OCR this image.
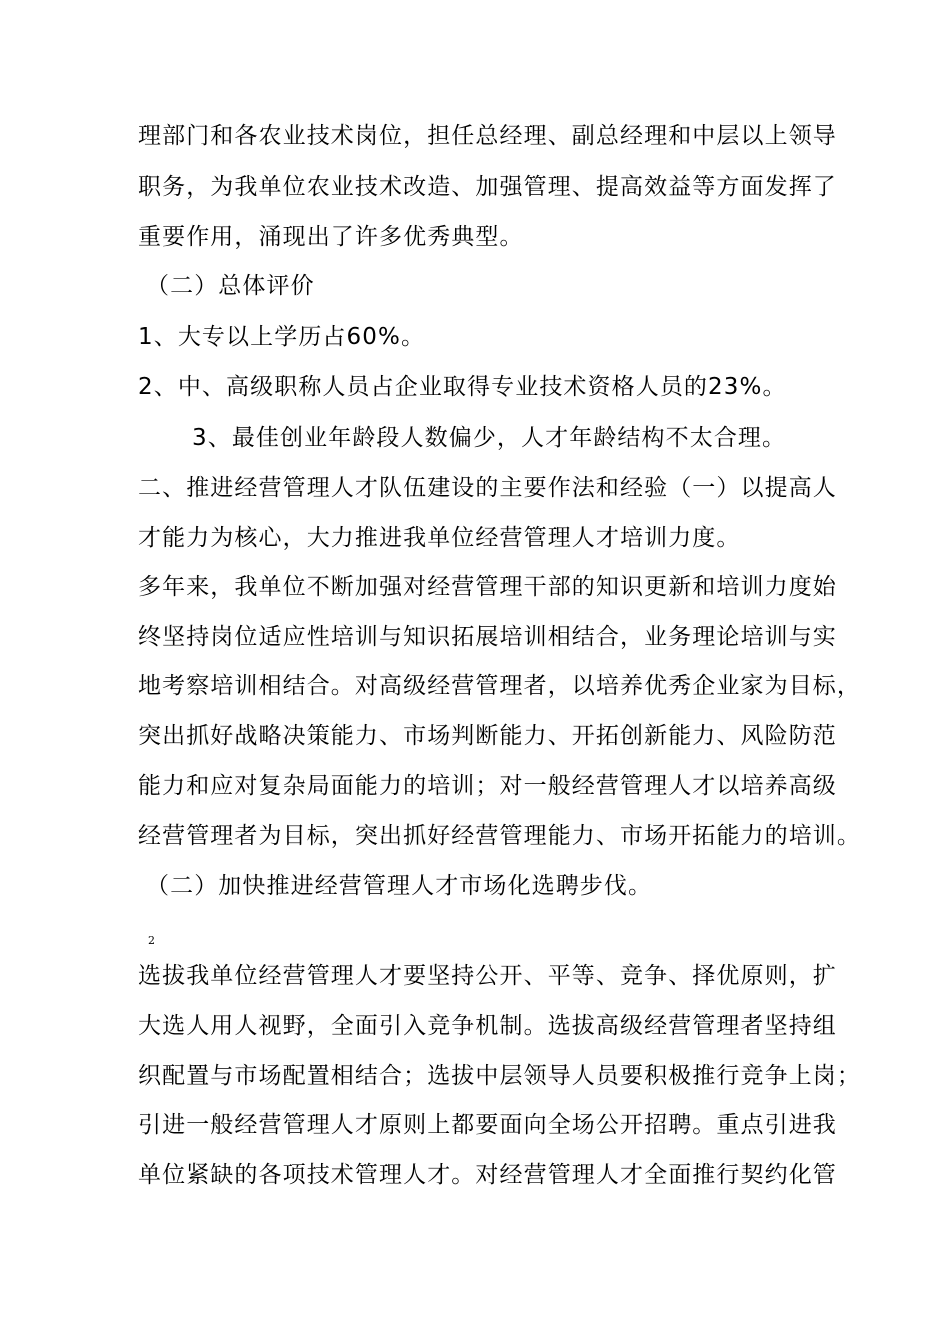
理部门和各农业技术岗位，担任总经理、副总经理和中层以上领导
职务，为我单位农业技术改造、加强管理、提高效益等方面发挥了
重要作用，涌现出了许多优秀典型。
（二）总体评价
1、大专以上学历占60%。
2、中、高级职称人员占企业取得专业技术资格人员的23%。
3、最佳创业年龄段人数偏少，人才年龄结构不太合理。
二、推进经营管理人才队伍建设的主要作法和经验（一）以提高人
才能力为核心，大力推进我单位经营管理人才培训力度。
多年来，我单位不断加强对经营管理干部的知识更新和培训力度始
终坚持岗位适应性培训与知识拓展培训相结合，业务理论培训与实
地考察培训相结合。对高级经营管理者，以培养优秀企业家为目标，
突出抓好战略决策能力、市场判断能力、开拓创新能力、风险防范
能力和应对复杂局面能力的培训；对一般经营管理人才以培养高级
经营管理者为目标，突出抓好经营管理能力、市场开拓能力的培训。
（二）加快推进经营管理人才市场化选聘步伐。
2
选拔我单位经营管理人才要坚持公开、平等、竞争、择优原则，扩
大选人用人视野，全面引入竞争机制。选拔高级经营管理者坚持组
织配置与市场配置相结合；选拔中层领导人员要积极推行竞争上岗；
引进一般经营管理人才原则上都要面向全场公开招聘。重点引进我
单位紧缺的各项技术管理人才。对经营管理人才全面推行契约化管
